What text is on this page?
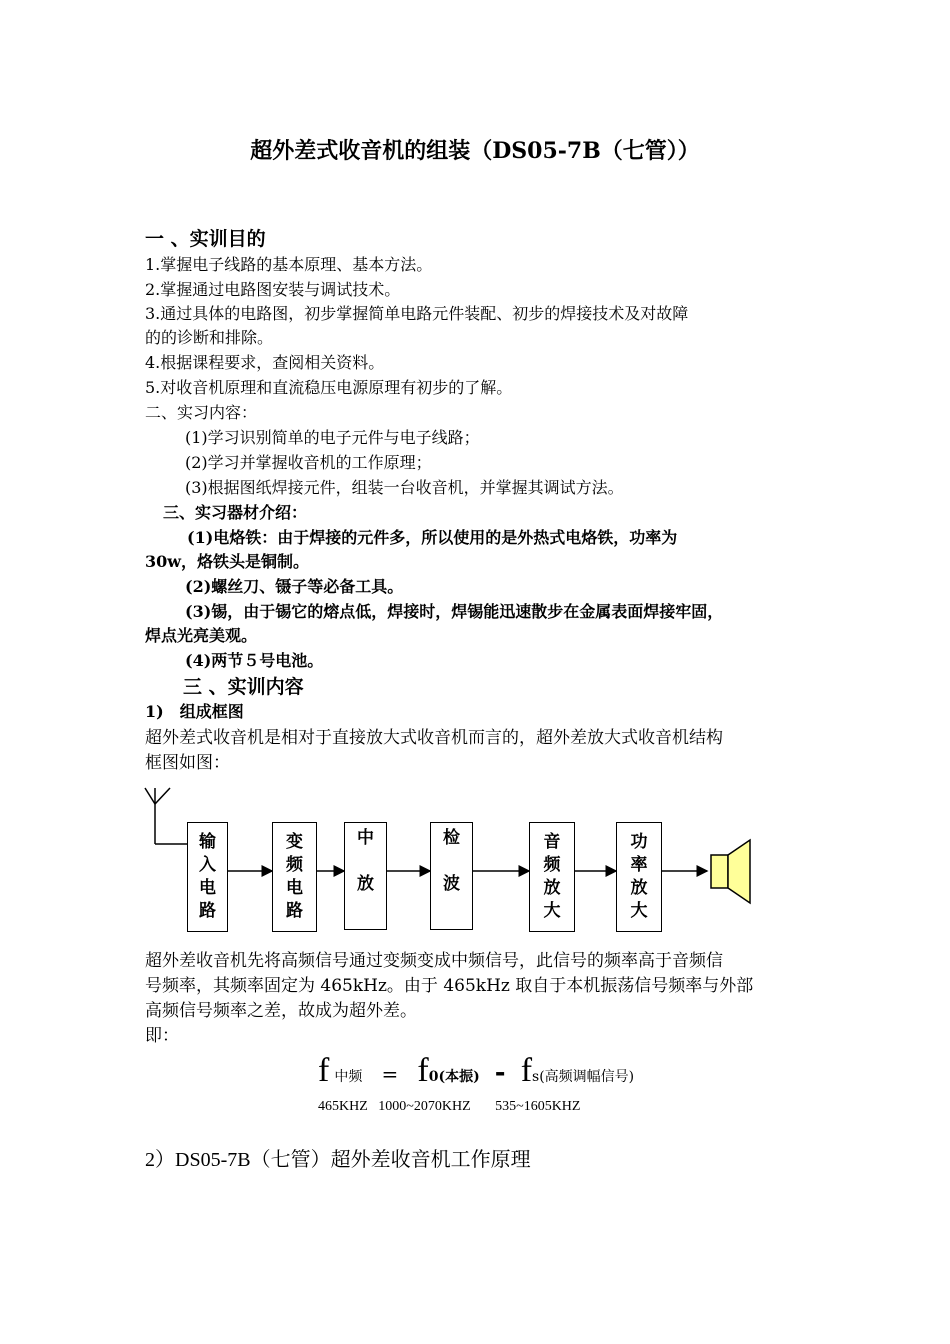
超外差式收音机的组装（DS05-7B（七管））
一 、实训目的
1.掌握电子线路的基本原理、基本方法。
2.掌握通过电路图安装与调试技术。
3.通过具体的电路图，初步掌握简单电路元件装配、初步的焊接技术及对故障
的的诊断和排除。
4.根据课程要求，查阅相关资料。
5.对收音机原理和直流稳压电源原理有初步的了解。
二、实习内容：
(1)学习识别简单的电子元件与电子线路；
(2)学习并掌握收音机的工作原理；
(3)根据图纸焊接元件，组装一台收音机，并掌握其调试方法。
三、实习器材介绍：
(1)电烙铁：由于焊接的元件多，所以使用的是外热式电烙铁，功率为
30w，烙铁头是铜制。
(2)螺丝刀、镊子等必备工具。
(3)锡，由于锡它的熔点低，焊接时，焊锡能迅速散步在金属表面焊接牢固，
焊点光亮美观。
(4)两节５号电池。
三 、实训内容
1)　组成框图
超外差式收音机是相对于直接放大式收音机而言的，超外差放大式收音机结构
框图如图：
输
入
电
路
变
频
电
路
中
放
检
波
音
频
放
大
功
率
放
大
超外差收音机先将高频信号通过变频变成中频信号，此信号的频率高于音频信
号频率，其频率固定为 465kHz。由于 465kHz 取自于本机振荡信号频率与外部
高频信号频率之差，故成为超外差。
即：
f 中频 = f0(本振) - fs(高频调幅信号)
465KHZ   1000~2070KHZ       535~1605KHZ
2）DS05-7B（七管）超外差收音机工作原理
